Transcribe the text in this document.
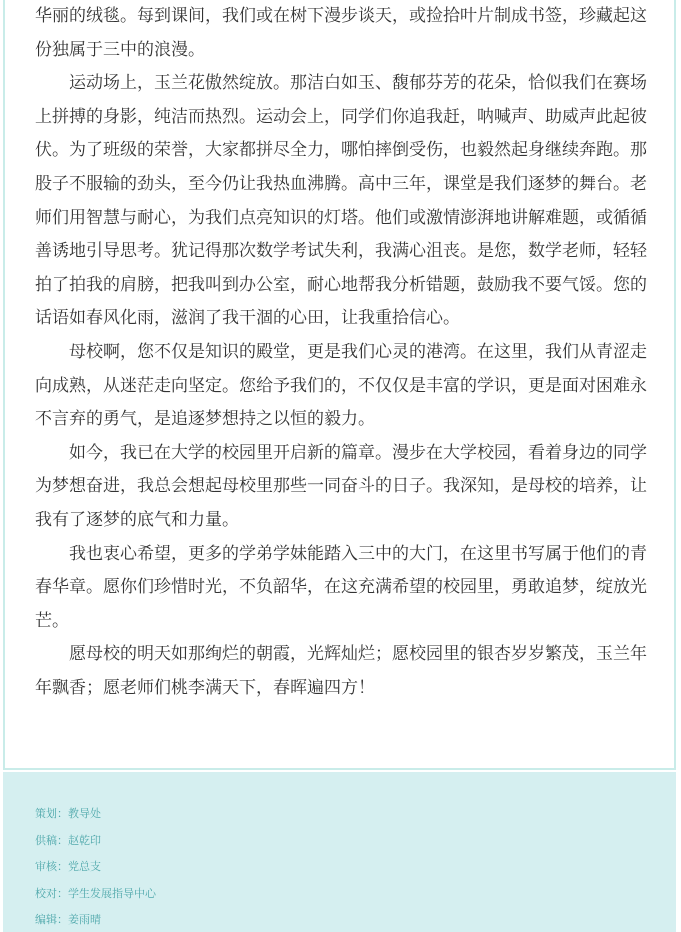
华丽的绒毯。每到课间，我们或在树下漫步谈天，或捡拾叶片制成书签，珍藏起这份独属于三中的浪漫。

　　运动场上，玉兰花傲然绽放。那洁白如玉、馥郁芬芳的花朵，恰似我们在赛场上拼搏的身影，纯洁而热烈。运动会上，同学们你追我赶，呐喊声、助威声此起彼伏。为了班级的荣誉，大家都拼尽全力，哪怕摔倒受伤，也毅然起身继续奔跑。那股子不服输的劲头，至今仍让我热血沸腾。高中三年，课堂是我们逐梦的舞台。老师们用智慧与耐心，为我们点亮知识的灯塔。他们或激情澎湃地讲解难题，或循循善诱地引导思考。犹记得那次数学考试失利，我满心沮丧。是您，数学老师，轻轻拍了拍我的肩膀，把我叫到办公室，耐心地帮我分析错题，鼓励我不要气馁。您的话语如春风化雨，滋润了我干涸的心田，让我重拾信心。

　　母校啊，您不仅是知识的殿堂，更是我们心灵的港湾。在这里，我们从青涩走向成熟，从迷茫走向坚定。您给予我们的，不仅仅是丰富的学识，更是面对困难永不言弃的勇气，是追逐梦想持之以恒的毅力。

　　如今，我已在大学的校园里开启新的篇章。漫步在大学校园，看着身边的同学为梦想奋进，我总会想起母校里那些一同奋斗的日子。我深知，是母校的培养，让我有了逐梦的底气和力量。

　　我也衷心希望，更多的学弟学妹能踏入三中的大门，在这里书写属于他们的青春华章。愿你们珍惜时光，不负韶华，在这充满希望的校园里，勇敢追梦，绽放光芒。

　　愿母校的明天如那绚烂的朝霞，光辉灿烂；愿校园里的银杏岁岁繁茂，玉兰年年飘香；愿老师们桃李满天下，春晖遍四方！

策划：教导处
供稿：赵乾印
审核：党总支
校对：学生发展指导中心
编辑：姜雨晴
